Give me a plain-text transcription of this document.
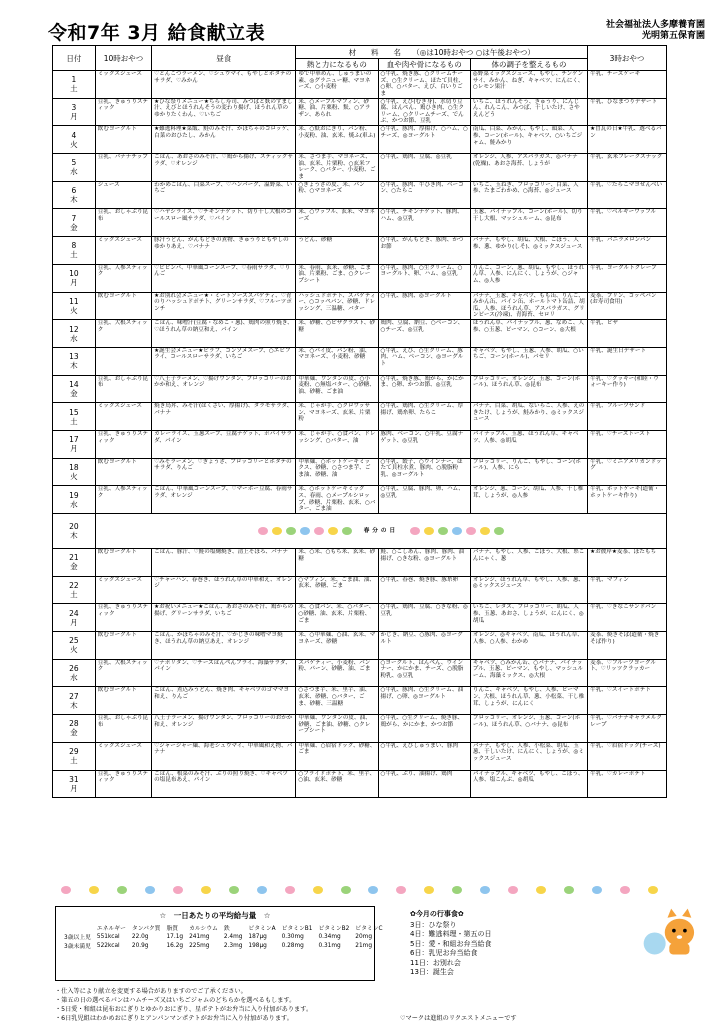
令和7年 3月 給食献立表	社会福祉法人多摩養育園
光明第五保育園
日付	10時おやつ	昼食	材　　料　　名　　（◎は10時おやつ ○は午後おやつ）			3時おやつ
			熱と力になるもの	血や肉や骨になるもの	体の調子を整えるもの	

1
土	ミックスジュース	♡とんこつラーメン、♡シュウマイ、もやしとホタテのサラダ、♡みかん	ゆで中華めん、しゅうまいの素、◎グラニュー糖、マヨネーズ、○小麦粉	○牛乳、焼き豚、○クリームチーズ、○生クリーム、ほたて貝柱、○卵、○バター、えび、白いりごま	◎野菜ミックスジュース、もやし、チンゲンサイ、みかん、ねぎ、キャベツ、にんにく、○レモン果汁	牛乳、チーズケーキ

3
月	豆乳、きゅうりスティック	★ひな祭りメニュー★ちらし寿司、みつばと麩のすまし汁、えびとほうれんそうの変わり揚げ、ほうれん草のゆかりたくわん、♡いちご	米、○メープルマフィン、砂糖、油、片栗粉、麩、○アラザン、あられ	○牛乳、えび(むき身)、水切り豆腐、はんぺん、鶏ひき肉、○生クリーム、○クリームチーズ、でんぶ、かつお節、豆乳	いちご、ほうれんそう、きゅうり、にんじん、れんこん、みつば、干しいたけ、さやえんどう	牛乳、ひなまつりデザート

4
火	飲むヨーグルト	★難逃料理★菜飯、鮭のみそ汁、かぼちゃのコロッケ、白菜のおひたし、みかん	米、○麩おにぎり、パン粉、小麦粉、油、玄米、焼ふ(車ふ)	○牛乳、豚肉、厚揚げ、○ハム、○チーズ、◎ヨーグルト	南瓜、白菜、みかん、もやし、頭菜、人参、コーン(ホール)、キャベツ、○いちごジャム、鮭みかり	★冒瓦の日★牛乳、選べるパン

5
水	豆乳、バナナチップ	ごはん、あおさのみそ汁、♡鶏から揚げ、スティックサラダ、♡オレンジ	米、さつま芋、マヨネーズ、油、玄米、片栗粉、○玄米フレーク、○バター、小麦粉、ごま	○牛乳、鶏肉、豆腐、◎豆乳	オレンジ、人参、アスパラガス、◎バナナ(乾燥)、あおさ海苔、しょうが	牛乳、玄米フレークスナック

6
木	ジュース	わかめごはん、白菜スープ、♡ハンバーグ、温野菜、いちご	○ぎょうざの皮、米、パン粉、○マヨネーズ	○牛乳、豚肉、牛ひき肉、ベーコン、○たらこ	いちご、玉ねぎ、ブロッコリー、白菜、人参、たまごわかめ、○海苔、◎ジュース	牛乳、♡たらこマヨせんべい

7
金	豆乳、おしゃぶり昆布	♡ハヤシライス、♡チキンナゲット、切り干し大根のコールスロー風サラダ、♡パイン	米、○ワッフル、玄米、マヨネーズ	○牛乳、チキンナゲット、豚肉、ハム、◎豆乳	玉葱、パイナップル、コーン(ホール)、切り干し大根、マッシュルーム、◎昆布	牛乳、♡ベルギーワッフル

8
土	ミックスジュース	豚汁うどん、がんもどきの煮物、きゅうりともやしのゆかりあえ、♡バナナ	うどん、砂糖	○牛乳、がんもどき、豚肉、かつお節	バナナ、もやし、胡瓜、大根、ごぼう、人参、葱、ゆかり(しそ)、◎ミックスジュース	牛乳、バニラメロンパン

10
月	豆乳、人参スティック	♡ビビンバ、中華風コーンスープ、♡春雨サラダ、♡りんご	米、春雨、玄米、砂糖、ごま油、片栗粉、ごま、○クレープシート	○牛乳、豚肉、○生クリーム、○ヨーグルト、卵、ハム、◎豆乳	りんご、コーン、葱、胡瓜、もやし、ほうれん草、人参、にんにく、しょうが、○ジャム、◎人参	牛乳、ヨーグルトクレープ

11
火	飲むヨーグルト	★お別れ会メニュー★・ミートソーススパゲティ、♡青のりハッシュドポテト、グリーンサラダ、♡フルーツポンチ	ハッシュドポテト、スパゲティー、○コッペパン、砂糖、ドレッシング、三温糖、バター	○牛乳、豚肉、◎ヨーグルト	バナナ、玉葱、キャベツ、もも缶、りんご、みかん缶、パイン缶、ホールトマト缶詰、胡瓜、人参、ほうれん草、アスパラガス、グリンピース(冷凍)、青海苔、セロリ	麦茶、プリン、コッペパン(お寿司食用)

12
水	豆乳、大根スティック	ごはん、味噌汁(豆腐・なめこ・葱)、鶏肉の照り焼き、♡ほうれん草の納豆和え、パイン	米、砂糖、○ピザクラスト、砂糖	鶏肉、豆腐、納豆、○ベーコン、○チーズ、◎豆乳	ほうれん草、パイナップル、葱、なめこ、人参、○玉葱、ピーマン、○コーン、◎大根	牛乳、ピザ

13
木		★誕生会メニュー★ピラフ、コンソメスープ、○エビフライ、コールスローサラダ、いちご	米、○パイ皮、パン粉、油、マヨネーズ、小麦粉、砂糖	○牛乳、えび、○生クリーム、豚肉、ハム、ベーコン、◎ヨーグルト	キャベツ、もやし、玉葱、人参、胡瓜、○いちご、コーン(ホール)、パセリ	牛乳、誕生日デザート

14
金	豆乳、おしゃぶり昆布	♡八王子ラーメン、♡揚げワンタン、ブロッコリーのおかか和え、オレンジ	中華麺、ワンタンの皮、○小麦粉、○無塩バター、○砂糖、油、砂糖、ごま油	○牛乳、焼き豚、鶏がら、かにかま、○卵、かつお節、◎豆乳	ブロッコリー、オレンジ、玉葱、コーン(ホール)、ほうれん草、◎昆布	牛乳、♡クッキー(和睦・ウォーキー作り)

15
土	ミックスジュース	焼き鳥丼、みそ汁(はくさい、厚揚げ)、タラモサラダ、バナナ	米、じゃが芋、○クロワッサン、マヨネーズ、玄米、片栗粉	○牛乳、鶏肉、○生クリーム、厚揚げ、鶏糸卵、たらこ	バナナ、白菜、胡瓜、ないらこ、人参、えのきたけ、しょうが、鮭みかり、◎ミックスジュース	牛乳、フルーツサンド

17
月	豆乳、きゅうりスティック	カレーライス、玉葱スープ、豆腐ナゲット、ポパイサラダ、パイン	米、じゃが芋、○食パン、ドレッシング、○バター、油	豚肉、ベーコン、○牛乳、豆腐ナゲット、◎豆乳	パイナップル、玉葱、ほうれん草、キャベツ、人参、◎胡瓜	牛乳、♡チーズトースト

18
火	飲むヨーグルト	♡みそラーメン、♡ぎょうざ、ブロッコリーとホタテのサラダ、りんご	中華麺、○ホットケーキミックス、砂糖、○さつま芋、ごま油、砂糖、油	○牛乳、餃子、○ウインナー、ほたて貝柱水煮、豚肉、○脱脂粉乳、◎ヨーグルト	ブロッコリー、りんご、もやし、コーン(ホール)、人参、にら	牛乳、♡ミニアメリカンドッグ

19
水	豆乳、人参スティック	ごはん、中華風コーンスープ、♡マーボー豆腐、春雨サラダ、オレンジ	米、○ホットケーキミックス、春雨、○メープルシロップ、砂糖、片栗粉、玄米、○バター、ごま油	○牛乳、豆腐、豚肉、卵、ハム、◎豆乳	オレンジ、葱、コーン、胡瓜、人参、干し椎茸、しょうが、◎人参	牛乳、ホットケーキ(道衛・ホットケーキ作り)

20
木	春分の日					

21
金	飲むヨーグルト	ごはん、豚汁、♡鮭の塩麹焼き、清上そぼろ、バナナ	米、○米、○もち米、玄米、砂糖	鮭、○こしあん、豚肉、豚肉、油揚げ、○きな粉、◎ヨーグルト	バナナ、もやし、人参、ごぼう、大根、糸こんにゃく、葱	★お彼岸★麦茶、ぼたもち

22
土	ミックスジュース	♡チャーハン、春巻き、ほうれん草の中華和え、オレンジ	○マフィン、米、ごま油、油、玄米、砂糖、ごま	○牛乳、春巻、焼き豚、豚糸卵	オレンジ、ほうれん草、もやし、人参、葱、◎ミックスジュース	牛乳、マフィン

24
月	豆乳、きゅうりスティック	★お祝いメニュー★ごはん、あおさのみそ汁、鶏からの揚げ、グリーンサラダ、いちご	米、○食パン、米、○バター、○砂糖、油、玄米、片栗粉、ごま	○牛乳、鶏肉、豆腐、○きな粉、◎豆乳	いちご、レタス、ブロッコリー、胡瓜、人参、玉葱、あおさ、しょうが、にんにく、◎胡瓜	牛乳、♡きなこサンドパン

25
火	飲むヨーグルト	ごはん、かぼちゃのみそ汁、♡かじきの味噌マヨ焼き、ほうれん草の納豆あえ、オレンジ	米、○中華麺、○油、玄米、マヨネーズ、砂糖	かじき、納豆、○豚肉、◎ヨーグルト	オレンジ、◎キャベツ、南瓜、ほうれん草、人参、○人参、わかめ	麦茶、焼きそば(道衛・焼きそば作り)

26
水	豆乳、大根スティック	♡ナポリタン、♡チーズはんぺんフライ、海藻サラダ、パイン	スパゲティー、小麦粉、パン粉、パーン、砂糖、油、ごま	○ヨーグルト、はんぺん、ウインナー、かにかま、チーズ、○脱脂粉乳、◎豆乳	キャベツ、○みかん缶、○バナナ、パイナップル、玉葱、ピーマン、もやし、マッシュルーム、海藻ミックス、◎大根	麦茶、♡フルーツヨーグルト、♡リッツクラッカー

27
木	飲むヨーグルト	ごはん、煮込みうどん、焼き肉、キャベツのゴママヨ和え、りんご	○さつま芋、米、里芋、油、玄米、砂糖、○バター、ごま、砂糖、三温糖	○牛乳、豚肉、○生クリーム、油揚げ、○卵、◎ヨーグルト	りんご、キャベツ、もやし、人参、ピーマン、大根、ほうれん草、葱、小松菜、干し椎茸、しょうが、にんにく	牛乳、♡スイートポテト

28
金	豆乳、おしゃぶり昆布	八王子ラーメン、揚げワンタン、ブロッコリーのおかか和え、オレンジ	中華麺、ワンタンの皮、油、砂糖、ごま油、砂糖、○クレープシート	○牛乳、○生クリーム、焼き豚、鶏がら、かにかま、かつお節	ブロッコリー、オレンジ、玉葱、コーン(ホール)、ほうれん草、○バナナ、◎昆布	牛乳、♡バナナキャラメルクレープ

29
土	ミックスジュース	♡ジャージャー麺、海老シュウマイ、中華風和え物、バナナ	中華麺、○眉宿ドック、砂糖、ごま	○牛乳、えびしゅうまい、豚肉	バナナ、もやし、人参、小松菜、胡瓜、玉葱、干しいたけ、にんにく、しょうが、◎ミックスジュース	牛乳、♡眉宿ドック(チーズ)

31
月	豆乳、きゅうりスティック	ごはん、根菜のみそ汁、ぶりの照り焼き、♡キャベツの塩昆布あえ、パイン	○フライドポテト、米、里芋、○油、玄米、砂糖	○牛乳、ぶり、油揚げ、鶏肉	パイナップル、キャベツ、もやし、ごぼう、人参、塩こんぶ、◎胡瓜	牛乳、♡カレーポテト
☆　一日あたりの平均給与量　☆
	エネルギー	タンパク質	脂質	カルシウム	鉄	ビタミンA	ビタミンB1	ビタミンB2	ビタミンC
3歳以上児	551kcal	22.0g	17.1g	241mg	2.4mg	187μg	0.30mg	0.34mg	20mg
3歳未満児	522kcal	20.9g	16.2g	225mg	2.3mg	198μg	0.28mg	0.31mg	21mg
✿今月の行事食✿
3日：ひな祭り
4日：難逃料理・第五の日
5日：愛・和組お弁当給食
6日：乳児お弁当給食
11日：お別れ会
13日：誕生会
・仕入等により献立を変更する場合がありますのでご了承ください。
・第五の日の選べるパンはハムチーズ又はいちごジャムのどちらかを選べるもします。
・5日愛・和組は昆布おにぎりとゆかりおにぎり、星ポテトがお弁当に入り付加があります。
・6日乳児組はわかめおにぎりとアンパンマンポテトがお弁当に入り付加があります。	♡マークは進組のリクエストメニューです
